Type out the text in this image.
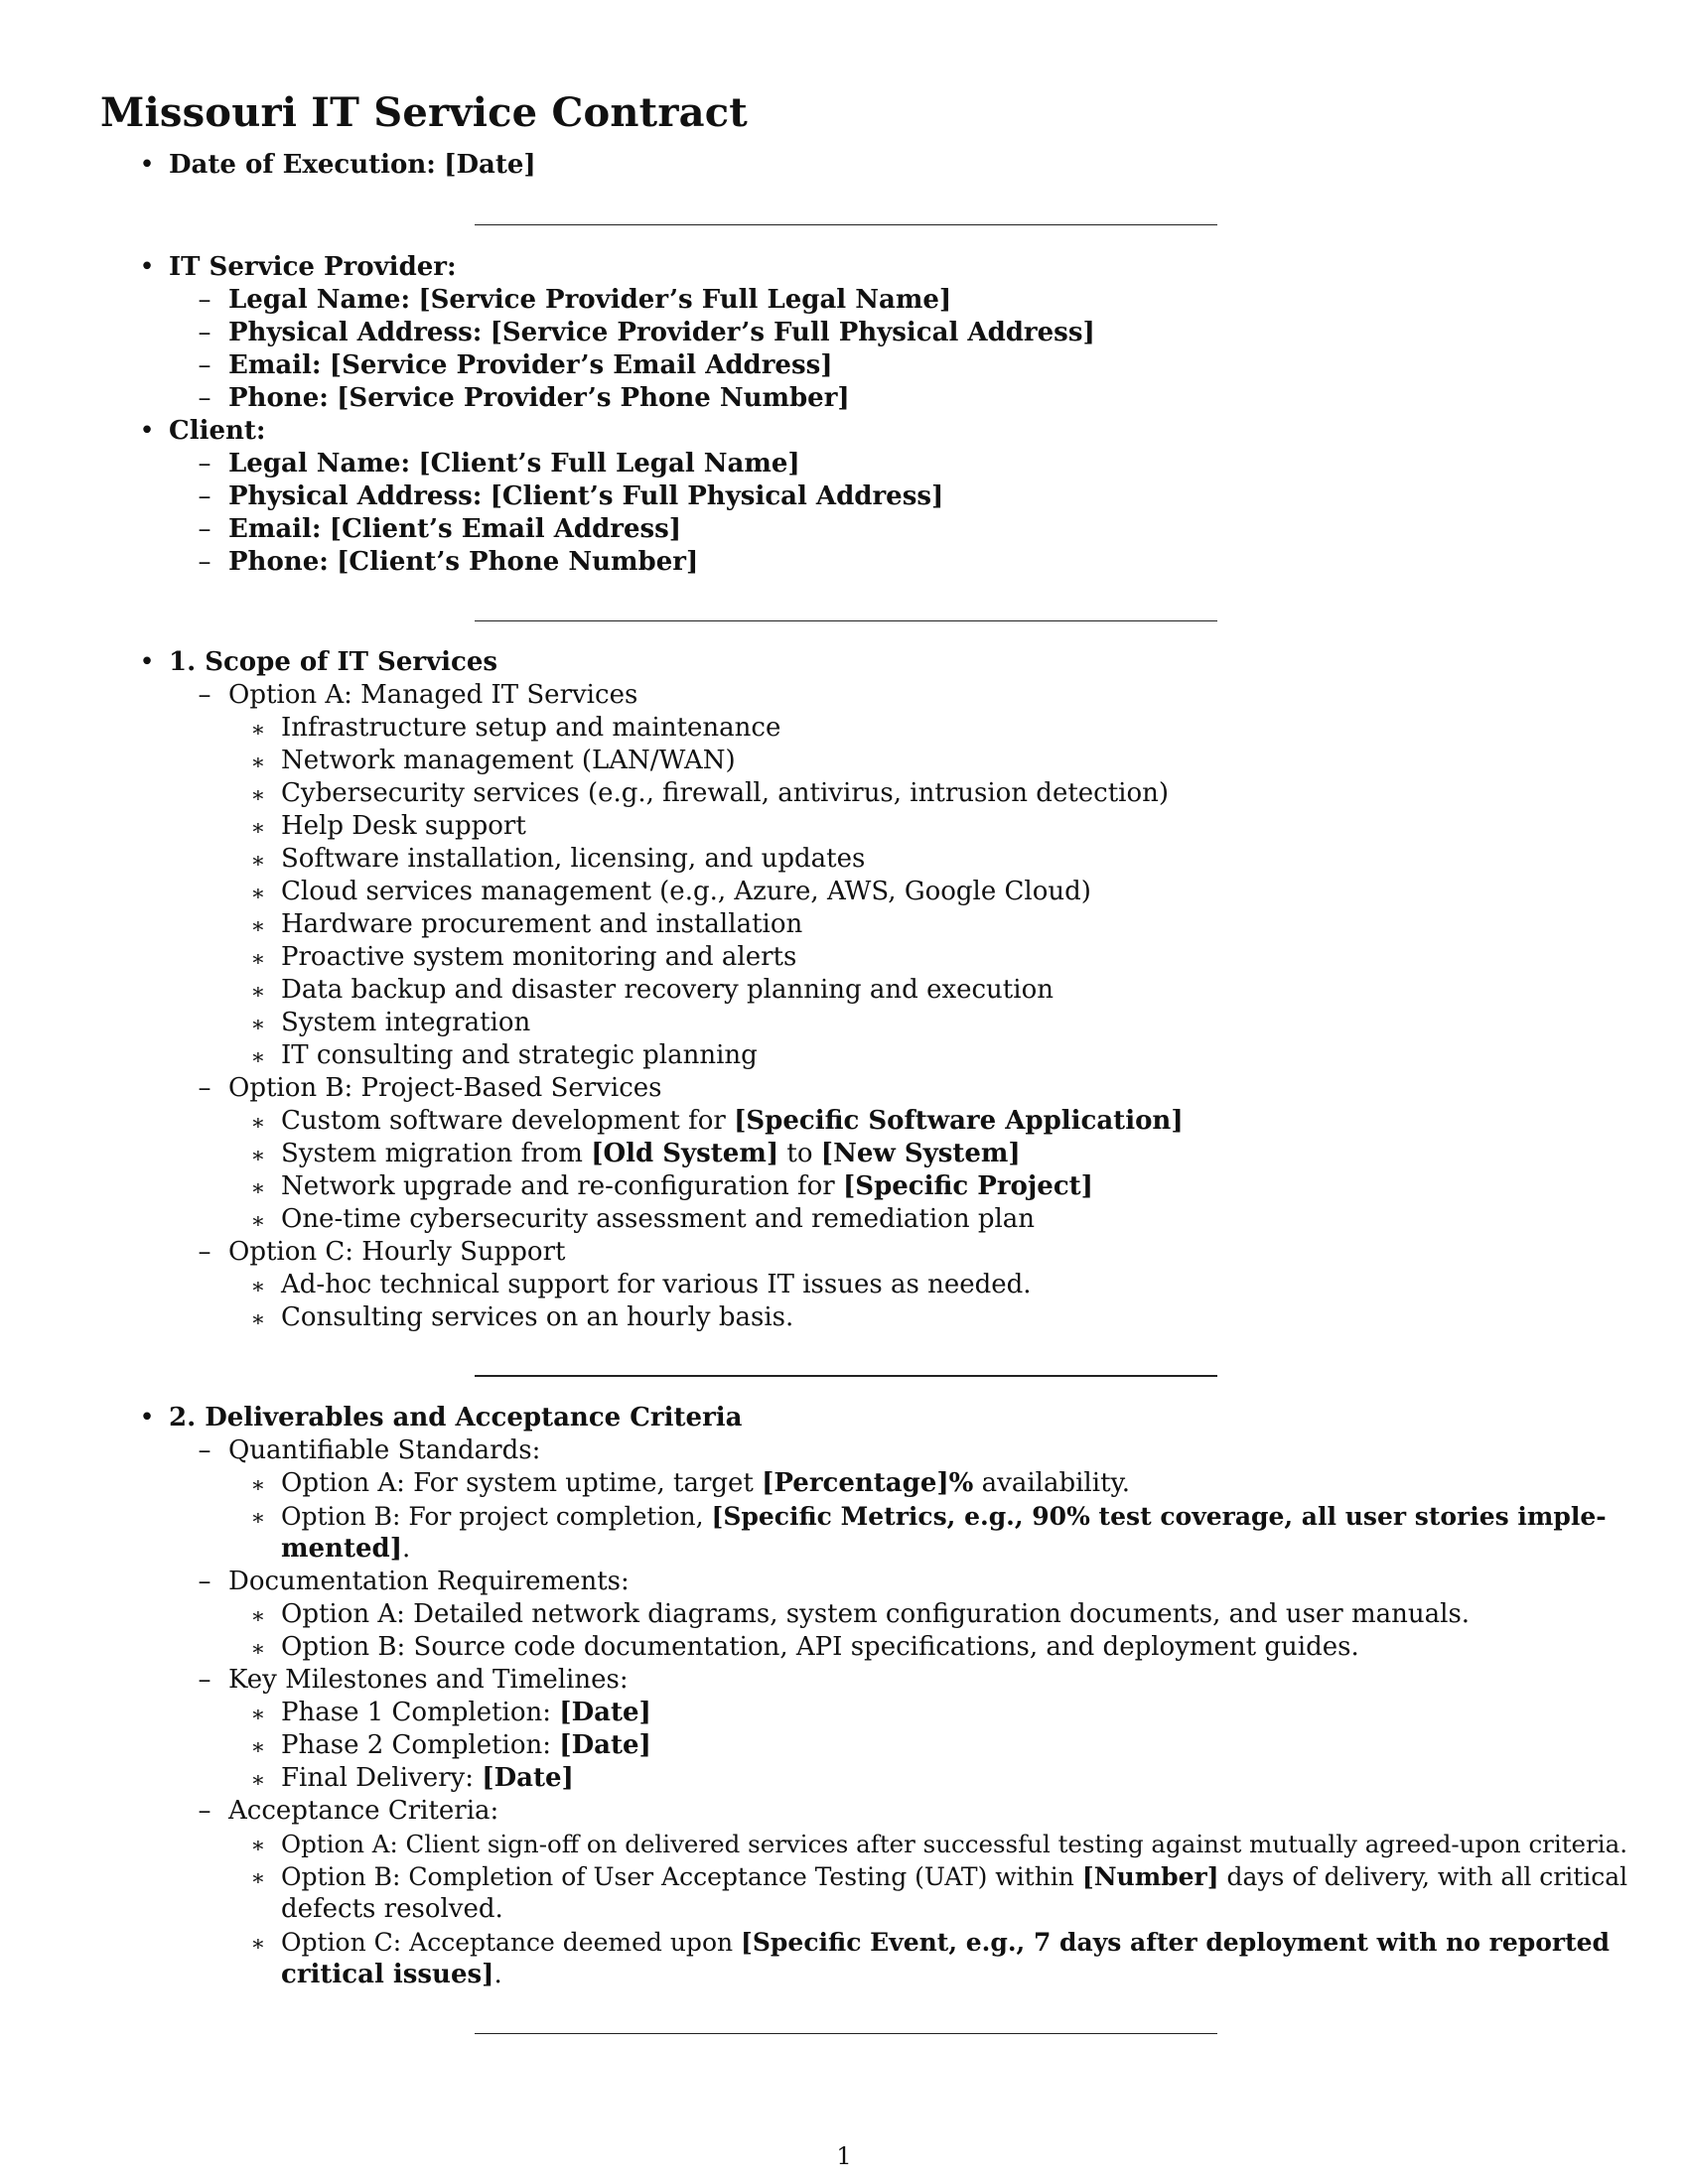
Missouri IT Service Contract
• Date of Execution: [Date]
• IT Service Provider:
– Legal Name: [Service Provider’s Full Legal Name]
– Physical Address: [Service Provider’s Full Physical Address]
– Email: [Service Provider’s Email Address]
– Phone: [Service Provider’s Phone Number]
• Client:
– Legal Name: [Client’s Full Legal Name]
– Physical Address: [Client’s Full Physical Address]
– Email: [Client’s Email Address]
– Phone: [Client’s Phone Number]
• 1. Scope of IT Services
– Option A: Managed IT Services
∗ Infrastructure setup and maintenance
∗ Network management (LAN/WAN)
∗ Cybersecurity services (e.g., firewall, antivirus, intrusion detection)
∗ Help Desk support
∗ Software installation, licensing, and updates
∗ Cloud services management (e.g., Azure, AWS, Google Cloud)
∗ Hardware procurement and installation
∗ Proactive system monitoring and alerts
∗ Data backup and disaster recovery planning and execution
∗ System integration
∗ IT consulting and strategic planning
– Option B: Project-Based Services
∗ Custom software development for [Specific Software Application]
∗ System migration from [Old System] to [New System]
∗ Network upgrade and re-configuration for [Specific Project]
∗ One-time cybersecurity assessment and remediation plan
– Option C: Hourly Support
∗ Ad-hoc technical support for various IT issues as needed.
∗ Consulting services on an hourly basis.
• 2. Deliverables and Acceptance Criteria
– Quantifiable Standards:
∗ Option A: For system uptime, target [Percentage]% availability.
∗ Option B: For project completion, [Specific Metrics, e.g., 90% test coverage, all user stories imple-
mented].
– Documentation Requirements:
∗ Option A: Detailed network diagrams, system configuration documents, and user manuals.
∗ Option B: Source code documentation, API specifications, and deployment guides.
– Key Milestones and Timelines:
∗ Phase 1 Completion: [Date]
∗ Phase 2 Completion: [Date]
∗ Final Delivery: [Date]
– Acceptance Criteria:
∗ Option A: Client sign-off on delivered services after successful testing against mutually agreed-upon criteria.
∗ Option B: Completion of User Acceptance Testing (UAT) within [Number] days of delivery, with all critical
defects resolved.
∗ Option C: Acceptance deemed upon [Specific Event, e.g., 7 days after deployment with no reported
critical issues].
1
